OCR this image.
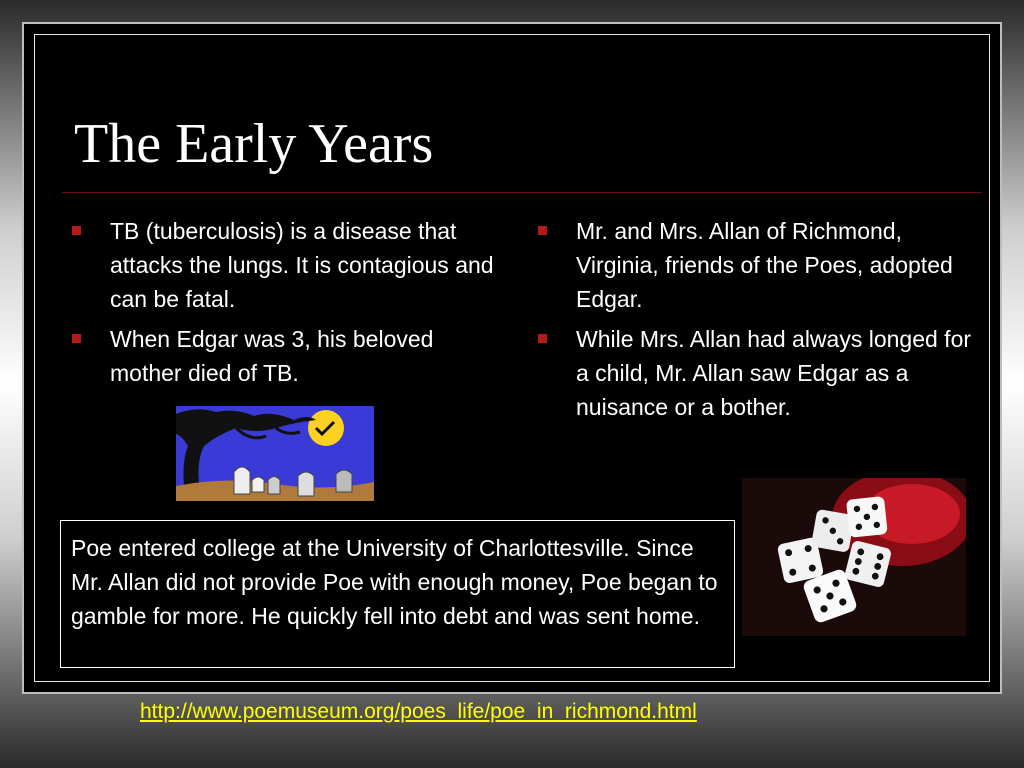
The Early Years
TB (tuberculosis) is a disease that attacks the lungs. It is contagious and can be fatal.
When Edgar was 3, his beloved mother died of TB.
Mr. and Mrs. Allan of Richmond, Virginia, friends of the Poes, adopted Edgar.
While Mrs. Allan had always longed for a child, Mr. Allan saw Edgar as a nuisance or a bother.
Poe entered college at the University of Charlottesville. Since Mr. Allan did not provide Poe with enough money, Poe began to gamble for more. He quickly fell into debt and was sent home.
http://www.poemuseum.org/poes_life/poe_in_richmond.html
